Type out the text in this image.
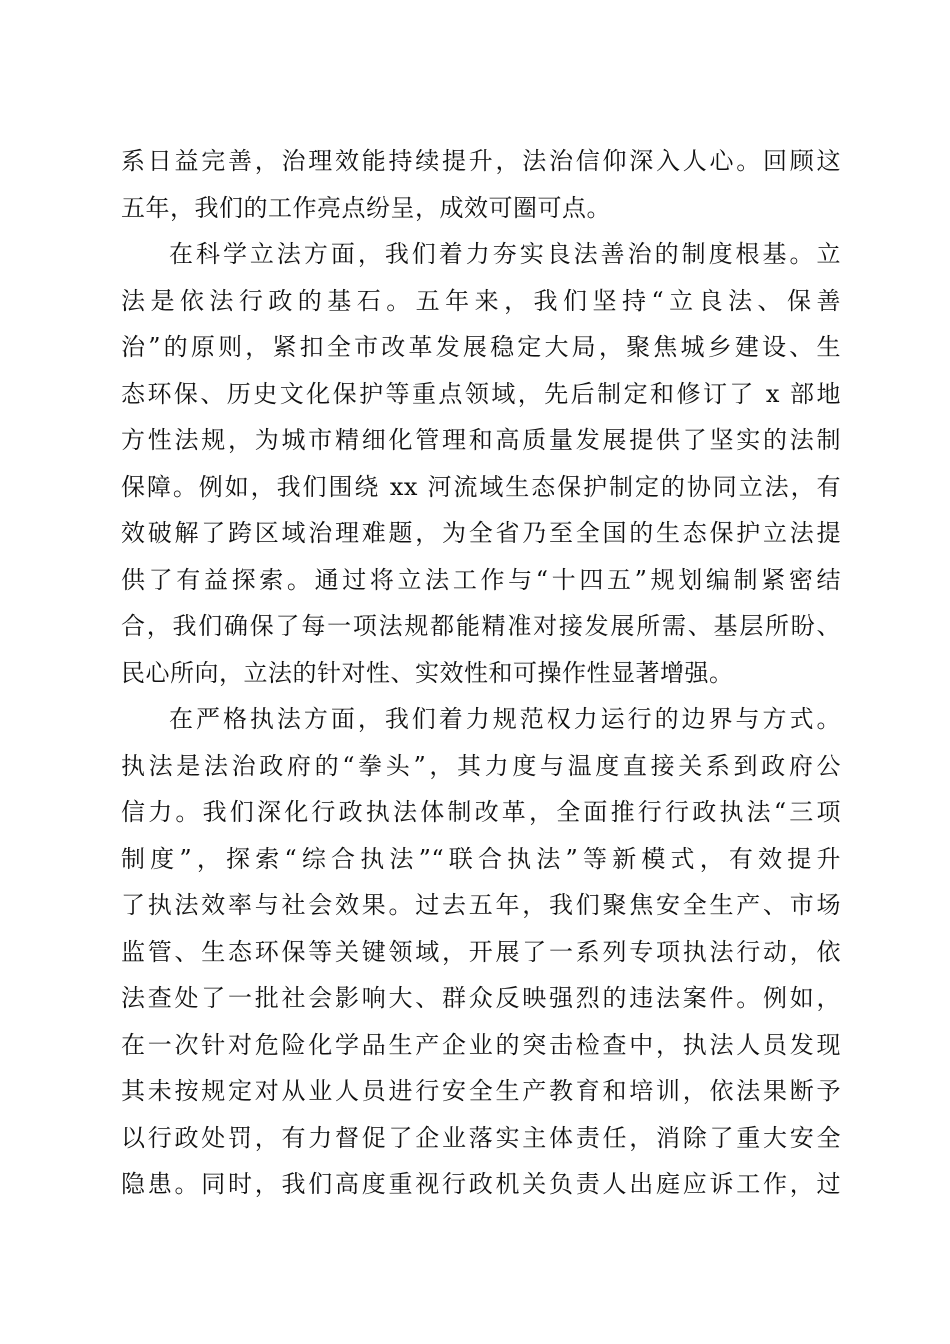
系日益完善，治理效能持续提升，法治信仰深入人心。回顾这
五年，我们的工作亮点纷呈，成效可圈可点。
在科学立法方面，我们着力夯实良法善治的制度根基。立
法是依法行政的基石。五年来，我们坚持“立良法、保善
治”的原则，紧扣全市改革发展稳定大局，聚焦城乡建设、生
态环保、历史文化保护等重点领域，先后制定和修订了 x 部地
方性法规，为城市精细化管理和高质量发展提供了坚实的法制
保障。例如，我们围绕 xx 河流域生态保护制定的协同立法，有
效破解了跨区域治理难题，为全省乃至全国的生态保护立法提
供了有益探索。通过将立法工作与“十四五”规划编制紧密结
合，我们确保了每一项法规都能精准对接发展所需、基层所盼、
民心所向，立法的针对性、实效性和可操作性显著增强。
在严格执法方面，我们着力规范权力运行的边界与方式。
执法是法治政府的“拳头”，其力度与温度直接关系到政府公
信力。我们深化行政执法体制改革，全面推行行政执法“三项
制度”，探索“综合执法”“联合执法”等新模式，有效提升
了执法效率与社会效果。过去五年，我们聚焦安全生产、市场
监管、生态环保等关键领域，开展了一系列专项执法行动，依
法查处了一批社会影响大、群众反映强烈的违法案件。例如，
在一次针对危险化学品生产企业的突击检查中，执法人员发现
其未按规定对从业人员进行安全生产教育和培训，依法果断予
以行政处罚，有力督促了企业落实主体责任，消除了重大安全
隐患。同时，我们高度重视行政机关负责人出庭应诉工作，过
